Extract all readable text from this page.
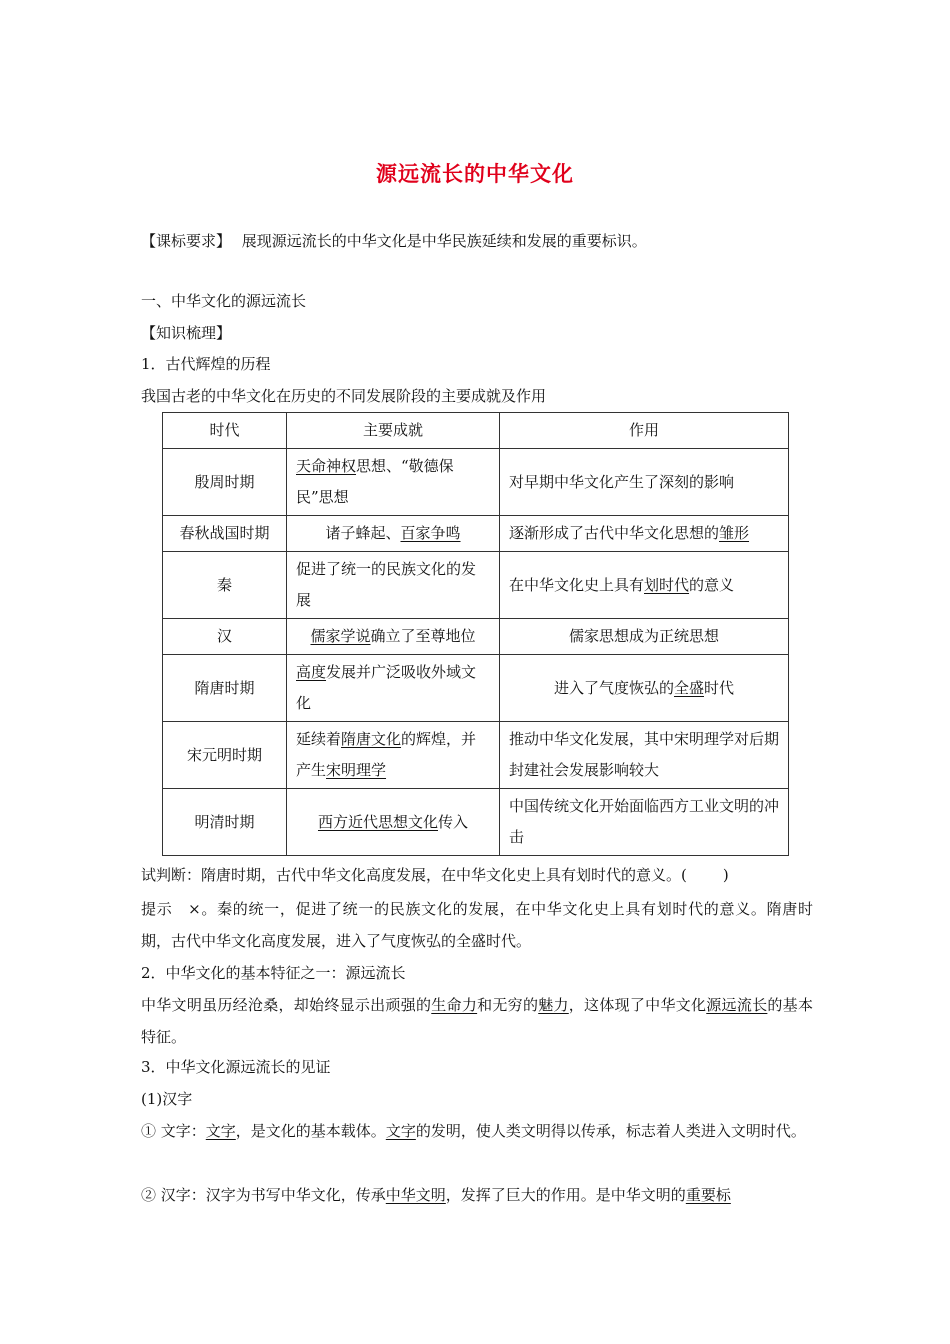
源远流长的中华文化
【课标要求】 展现源远流长的中华文化是中华民族延续和发展的重要标识。
一、中华文化的源远流长
【知识梳理】
1．古代辉煌的历程
我国古老的中华文化在历史的不同发展阶段的主要成就及作用
时代	主要成就	作用
殷周时期	天命神权思想、“敬德保民”思想	对早期中华文化产生了深刻的影响
春秋战国时期	诸子蜂起、百家争鸣	逐渐形成了古代中华文化思想的雏形
秦	促进了统一的民族文化的发展	在中华文化史上具有划时代的意义
汉	儒家学说确立了至尊地位	儒家思想成为正统思想
隋唐时期	高度发展并广泛吸收外域文化	进入了气度恢弘的全盛时代
宋元明时期	延续着隋唐文化的辉煌，并产生宋明理学	推动中华文化发展，其中宋明理学对后期封建社会发展影响较大
明清时期	西方近代思想文化传入	中国传统文化开始面临西方工业文明的冲击
试判断：隋唐时期，古代中华文化高度发展，在中华文化史上具有划时代的意义。( )
提示　×。秦的统一，促进了统一的民族文化的发展，在中华文化史上具有划时代的意义。隋唐时期，古代中华文化高度发展，进入了气度恢弘的全盛时代。
2．中华文化的基本特征之一：源远流长
中华文明虽历经沧桑，却始终显示出顽强的生命力和无穷的魅力，这体现了中华文化源远流长的基本特征。
3．中华文化源远流长的见证
(1)汉字
① 文字：文字，是文化的基本载体。文字的发明，使人类文明得以传承，标志着人类进入文明时代。
② 汉字：汉字为书写中华文化，传承中华文明，发挥了巨大的作用。是中华文明的重要标
